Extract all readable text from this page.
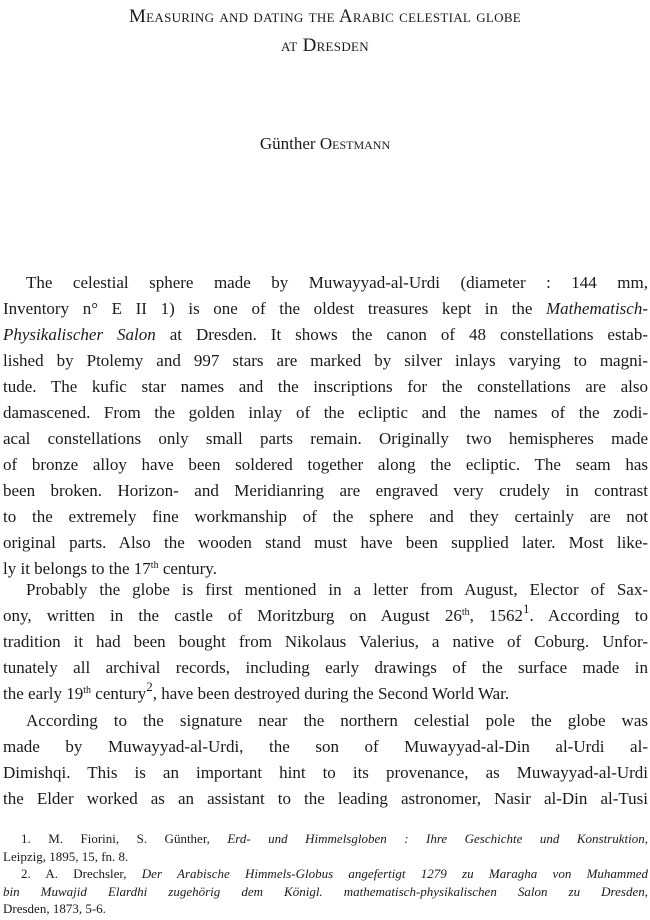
Measuring and dating the Arabic celestial globe
at Dresden
Günther Oestmann
The celestial sphere made by Muwayyad-al-Urdi (diameter : 144 mm,
Inventory n° E II 1) is one of the oldest treasures kept in the Mathematisch-
Physikalischer Salon at Dresden. It shows the canon of 48 constellations estab-
lished by Ptolemy and 997 stars are marked by silver inlays varying to magni-
tude. The kufic star names and the inscriptions for the constellations are also
damascened. From the golden inlay of the ecliptic and the names of the zodi-
acal constellations only small parts remain. Originally two hemispheres made
of bronze alloy have been soldered together along the ecliptic. The seam has
been broken. Horizon- and Meridianring are engraved very crudely in contrast
to the extremely fine workmanship of the sphere and they certainly are not
original parts. Also the wooden stand must have been supplied later. Most like-
ly it belongs to the 17th century.
Probably the globe is first mentioned in a letter from August, Elector of Sax-
ony, written in the castle of Moritzburg on August 26th, 1562$^1$. According to
tradition it had been bought from Nikolaus Valerius, a native of Coburg. Unfor-
tunately all archival records, including early drawings of the surface made in
the early 19th century$^2$, have been destroyed during the Second World War.
According to the signature near the northern celestial pole the globe was
made by Muwayyad-al-Urdi, the son of Muwayyad-al-Din al-Urdi al-
Dimishqi. This is an important hint to its provenance, as Muwayyad-al-Urdi
the Elder worked as an assistant to the leading astronomer, Nasir al-Din al-Tusi
1. M. Fiorini, S. Günther, Erd- und Himmelsgloben : Ihre Geschichte und Konstruktion,
Leipzig, 1895, 15, fn. 8.
2. A. Drechsler, Der Arabische Himmels-Globus angefertigt 1279 zu Maragha von Muhammed
bin Muwajid Elardhi zugehörig dem Königl. mathematisch-physikalischen Salon zu Dresden,
Dresden, 1873, 5-6.
